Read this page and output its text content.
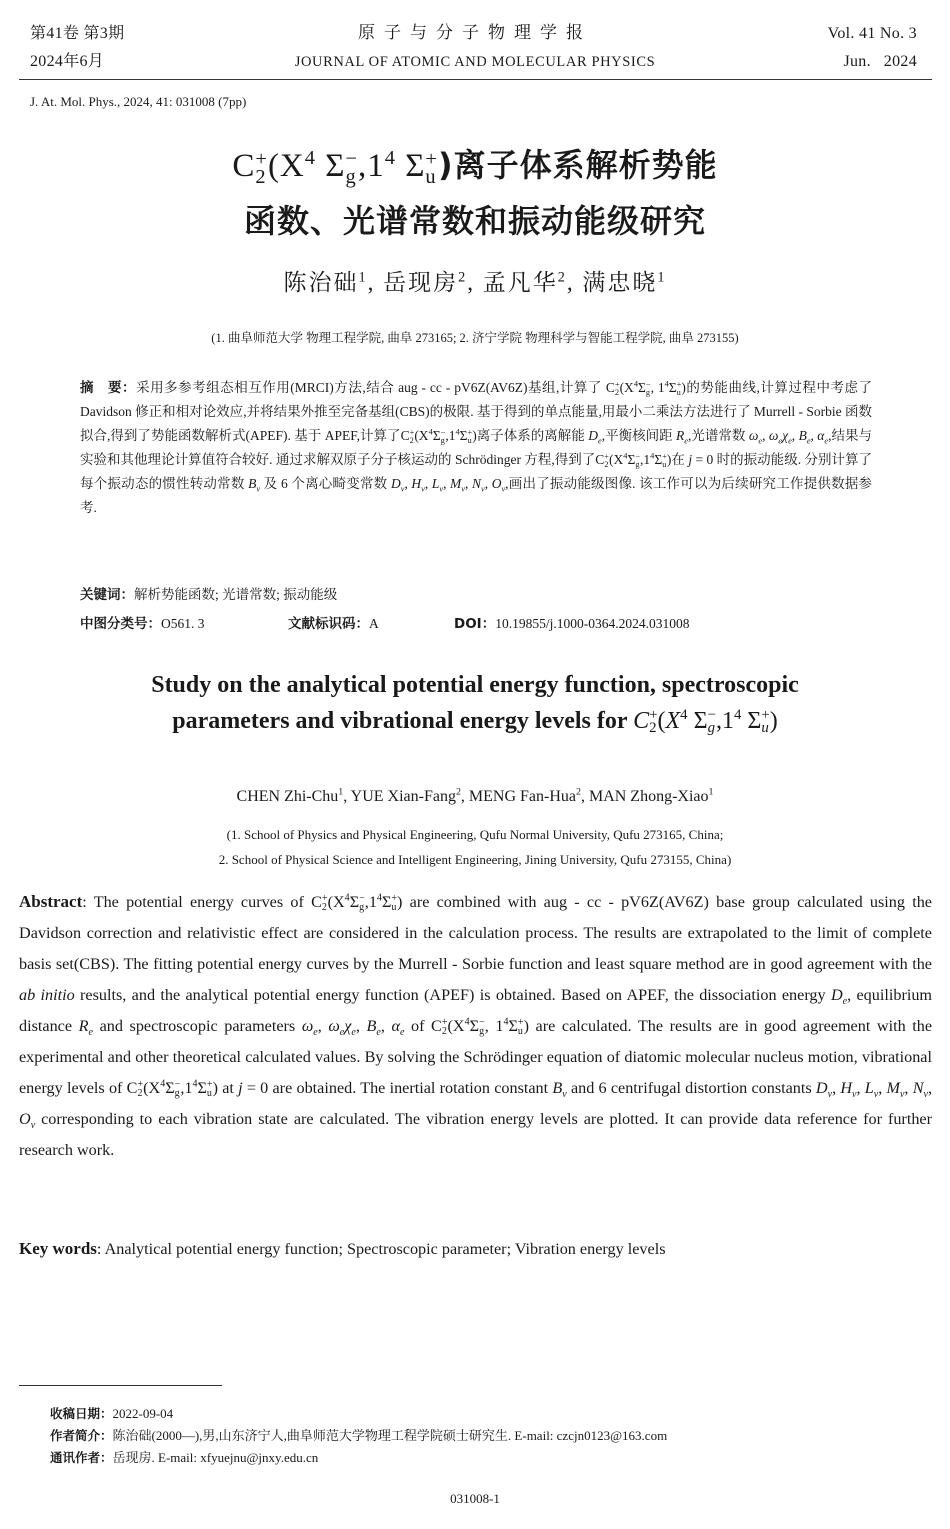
第41卷 第3期
2024年6月
原子与分子物理学报
JOURNAL OF ATOMIC AND MOLECULAR PHYSICS
Vol. 41 No. 3
Jun.   2024
J. At. Mol. Phys., 2024, 41: 031008 (7pp)
C +
2 ($X^4$ Σ −
g $,1^4$ Σ +
u )离子体系解析势能
函数、光谱常数和振动能级研究
陈治础$^1$, 岳现房$^2$, 孟凡华$^2$, 满忠晓$^1$
(1. 曲阜师范大学 物理工程学院, 曲阜 273165; 2. 济宁学院 物理科学与智能工程学院, 曲阜 273155)
摘　要：采用多参考组态相互作用(MRCI)方法,结合 aug - cc - pV6Z(AV6Z)基组,计算了 C +
2 ($X^4\Sigma$ −
g , $1^4\Sigma$ +
u )的势能曲线,计算过程中考虑了 Davidson 修正和相对论效应,并将结果外推至完备基组(CBS)的极限. 基于得到的单点能量,用最小二乘法方法进行了 Murrell - Sorbie 函数拟合,得到了势能函数解析式(APEF). 基于 APEF,计算了C +
2 ($X^4\Sigma$ −
g $,1^4\Sigma$ +
u )离子体系的离解能 $D_e$,平衡核间距 $R_e$,光谱常数 $\omega_e$, $\omega_e\chi_e$, $B_e$, $\alpha_e$,结果与实验和其他理论计算值符合较好. 通过求解双原子分子核运动的 Schrödinger 方程,得到了C +
2 ($X^4\Sigma$ −
g $,1^4\Sigma$ +
u )在 j = 0 时的振动能级. 分别计算了每个振动态的惯性转动常数 $B_v$ 及 6 个离心畸变常数 $D_v$, $H_v$, $L_v$, $M_v$, $N_v$, $O_v$,画出了振动能级图像. 该工作可以为后续研究工作提供数据参考.
关键词：解析势能函数; 光谱常数; 振动能级
中图分类号：O561. 3	文献标识码：A	DOI：10.19855/j.1000-0364.2024.031008
Study on the analytical potential energy function, spectroscopic
parameters and vibrational energy levels for C +
2 ($X^4$ Σ −
g $,1^4$ Σ +
u )
CHEN Zhi-Chu$^1$, YUE Xian-Fang$^2$, MENG Fan-Hua$^2$, MAN Zhong-Xiao$^1$
(1. School of Physics and Physical Engineering, Qufu Normal University, Qufu 273165, China;
2. School of Physical Science and Intelligent Engineering, Jining University, Qufu 273155, China)
Abstract: The potential energy curves of C +
2 ($X^4\Sigma$ −
g $,1^4\Sigma$ +
u ) are combined with aug - cc - pV6Z(AV6Z) base group calculated using the Davidson correction and relativistic effect are considered in the calculation process. The results are extrapolated to the limit of complete basis set(CBS). The fitting potential energy curves by the Murrell - Sorbie function and least square method are in good agreement with the ab initio results, and the analytical potential energy function (APEF) is obtained. Based on APEF, the dissociation energy $D_e$, equilibrium distance $R_e$ and spectroscopic parameters $\omega_e$, $\omega_e\chi_e$, $B_e$, $\alpha_e$ of C +
2 ($X^4\Sigma$ −
g , $1^4\Sigma$ +
u ) are calculated. The results are in good agreement with the experimental and other theoretical calculated values. By solving the Schrödinger equation of diatomic molecular nucleus motion, vibrational energy levels of C +
2 ($X^4\Sigma$ −
g $,1^4\Sigma$ +
u ) at j = 0 are obtained. The inertial rotation constant $B_v$ and 6 centrifugal distortion constants $D_v$, $H_v$, $L_v$, $M_v$, $N_v$, $O_v$ corresponding to each vibration state are calculated. The vibration energy levels are plotted. It can provide data reference for further research work.
Key words: Analytical potential energy function; Spectroscopic parameter; Vibration energy levels
收稿日期：2022-09-04
作者简介：陈治础(2000—),男,山东济宁人,曲阜师范大学物理工程学院硕士研究生. E-mail: czcjn0123@163.com
通讯作者：岳现房. E-mail: xfyuejnu@jnxy.edu.cn
031008-1
